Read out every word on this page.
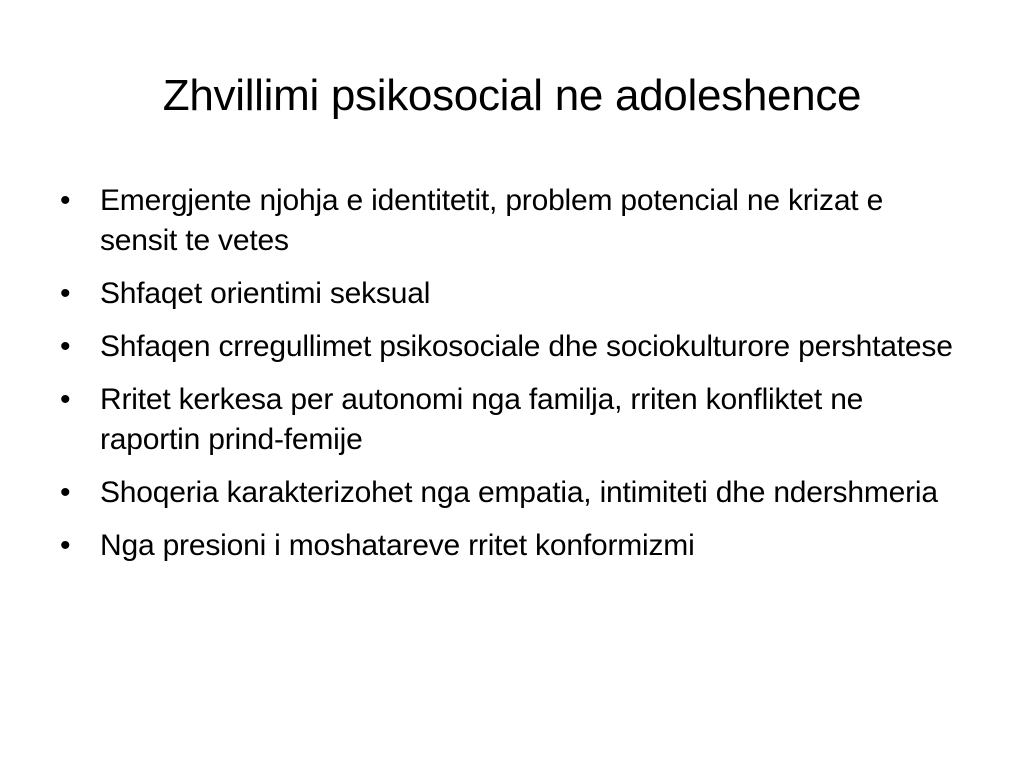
Zhvillimi psikosocial ne adoleshence
• Emergjente njohja e identitetit, problem potencial ne krizat e sensit te vetes
• Shfaqet orientimi seksual
• Shfaqen crregullimet psikosociale dhe sociokulturore pershtatese
• Rritet kerkesa per autonomi nga familja, rriten konfliktet ne raportin prind-femije
• Shoqeria karakterizohet nga empatia, intimiteti dhe ndershmeria
• Nga presioni i moshatareve rritet konformizmi
